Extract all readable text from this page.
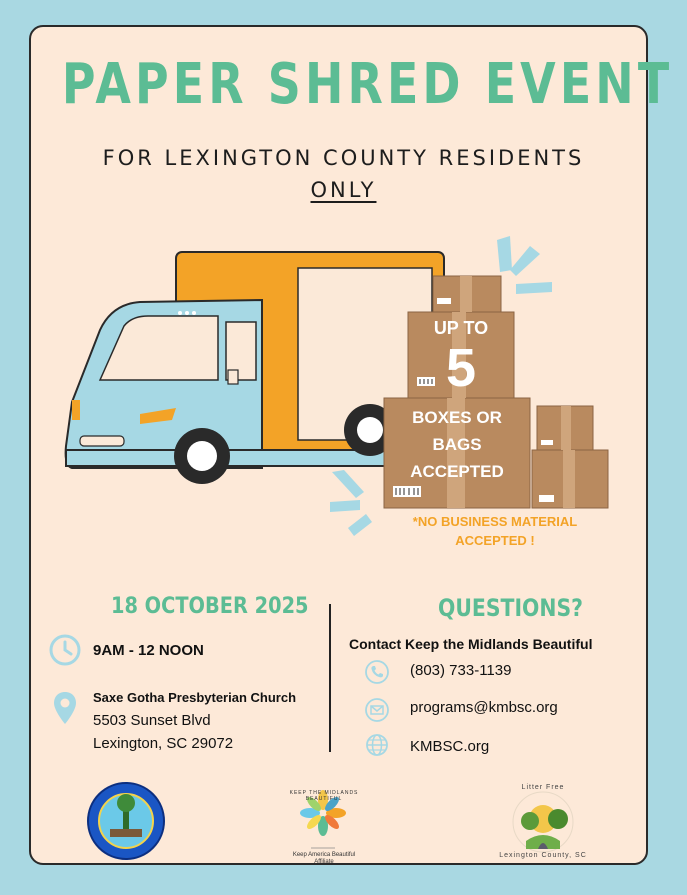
PAPER SHRED EVENT
FOR LEXINGTON COUNTY RESIDENTS
ONLY
UP TO
5
BOXES OR
BAGS
ACCEPTED
*NO BUSINESS MATERIAL
ACCEPTED !
18 OCTOBER 2025
9AM - 12 NOON
Saxe Gotha Presbyterian Church
5503 Sunset Blvd
Lexington, SC 29072
QUESTIONS?
Contact Keep the Midlands Beautiful
(803) 733-1139
programs@kmbsc.org
KMBSC.org
KEEP THE MIDLANDS BEAUTIFUL
Keep America Beautiful
Affiliate
Litter Free
Lexington County, SC
